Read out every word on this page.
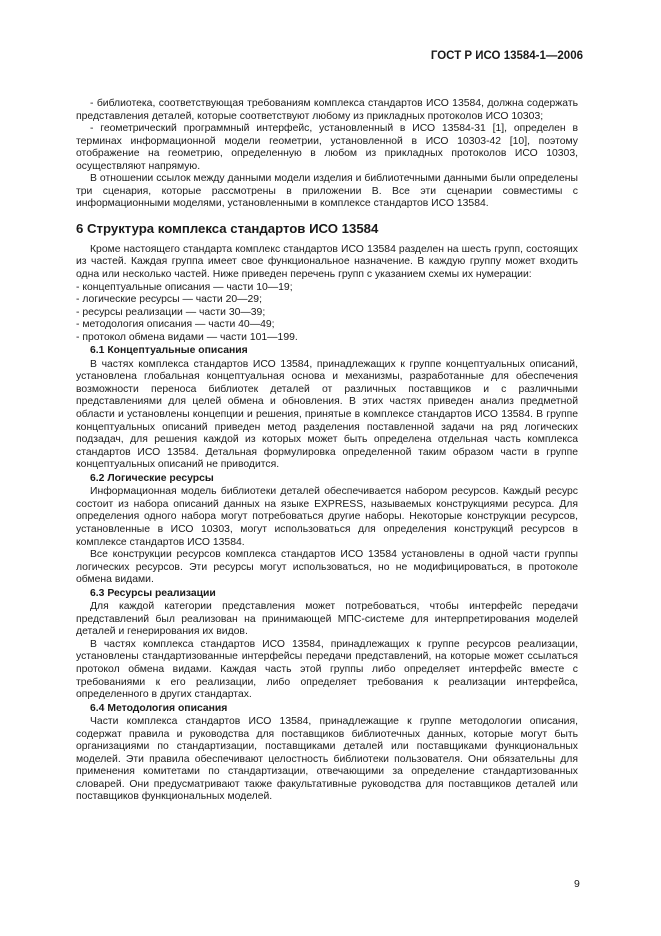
ГОСТ Р ИСО 13584-1—2006

- библиотека, соответствующая требованиям комплекса стандартов ИСО 13584, должна содержать представления деталей, которые соответствуют любому из прикладных протоколов ИСО 10303;

- геометрический программный интерфейс, установленный в ИСО 13584-31 [1], определен в терминах информационной модели геометрии, установленной в ИСО 10303-42 [10], поэтому отображение на геометрию, определенную в любом из прикладных протоколов ИСО 10303, осуществляют напрямую.

В отношении ссылок между данными модели изделия и библиотечными данными были определены три сценария, которые рассмотрены в приложении В. Все эти сценарии совместимы с информационными моделями, установленными в комплексе стандартов ИСО 13584.

6 Структура комплекса стандартов ИСО 13584

Кроме настоящего стандарта комплекс стандартов ИСО 13584 разделен на шесть групп, состоящих из частей. Каждая группа имеет свое функциональное назначение. В каждую группу может входить одна или несколько частей. Ниже приведен перечень групп с указанием схемы их нумерации:

- концептуальные описания — части 10—19;
- логические ресурсы — части 20—29;
- ресурсы реализации — части 30—39;
- методология описания — части 40—49;
- протокол обмена видами — части 101—199.
6.1 Концептуальные описания

В частях комплекса стандартов ИСО 13584, принадлежащих к группе концептуальных описаний, установлена глобальная концептуальная основа и механизмы, разработанные для обеспечения возможности переноса библиотек деталей от различных поставщиков и с различными представлениями для целей обмена и обновления. В этих частях приведен анализ предметной области и установлены концепции и решения, принятые в комплексе стандартов ИСО 13584. В группе концептуальных описаний приведен метод разделения поставленной задачи на ряд логических подзадач, для решения каждой из которых может быть определена отдельная часть комплекса стандартов ИСО 13584. Детальная формулировка определенной таким образом части в группе концептуальных описаний не приводится.

6.2 Логические ресурсы

Информационная модель библиотеки деталей обеспечивается набором ресурсов. Каждый ресурс состоит из набора описаний данных на языке EXPRESS, называемых конструкциями ресурса. Для определения одного набора могут потребоваться другие наборы. Некоторые конструкции ресурсов, установленные в ИСО 10303, могут использоваться для определения конструкций ресурсов в комплексе стандартов ИСО 13584.

Все конструкции ресурсов комплекса стандартов ИСО 13584 установлены в одной части группы логических ресурсов. Эти ресурсы могут использоваться, но не модифицироваться, в протоколе обмена видами.

6.3 Ресурсы реализации

Для каждой категории представления может потребоваться, чтобы интерфейс передачи представлений был реализован на принимающей МПС-системе для интерпретирования моделей деталей и генерирования их видов.

В частях комплекса стандартов ИСО 13584, принадлежащих к группе ресурсов реализации, установлены стандартизованные интерфейсы передачи представлений, на которые может ссылаться протокол обмена видами. Каждая часть этой группы либо определяет интерфейс вместе с требованиями к его реализации, либо определяет требования к реализации интерфейса, определенного в других стандартах.

6.4 Методология описания

Части комплекса стандартов ИСО 13584, принадлежащие к группе методологии описания, содержат правила и руководства для поставщиков библиотечных данных, которые могут быть организациями по стандартизации, поставщиками деталей или поставщиками функциональных моделей. Эти правила обеспечивают целостность библиотеки пользователя. Они обязательны для применения комитетами по стандартизации, отвечающими за определение стандартизованных словарей. Они предусматривают также факультативные руководства для поставщиков деталей или поставщиков функциональных моделей.

9
